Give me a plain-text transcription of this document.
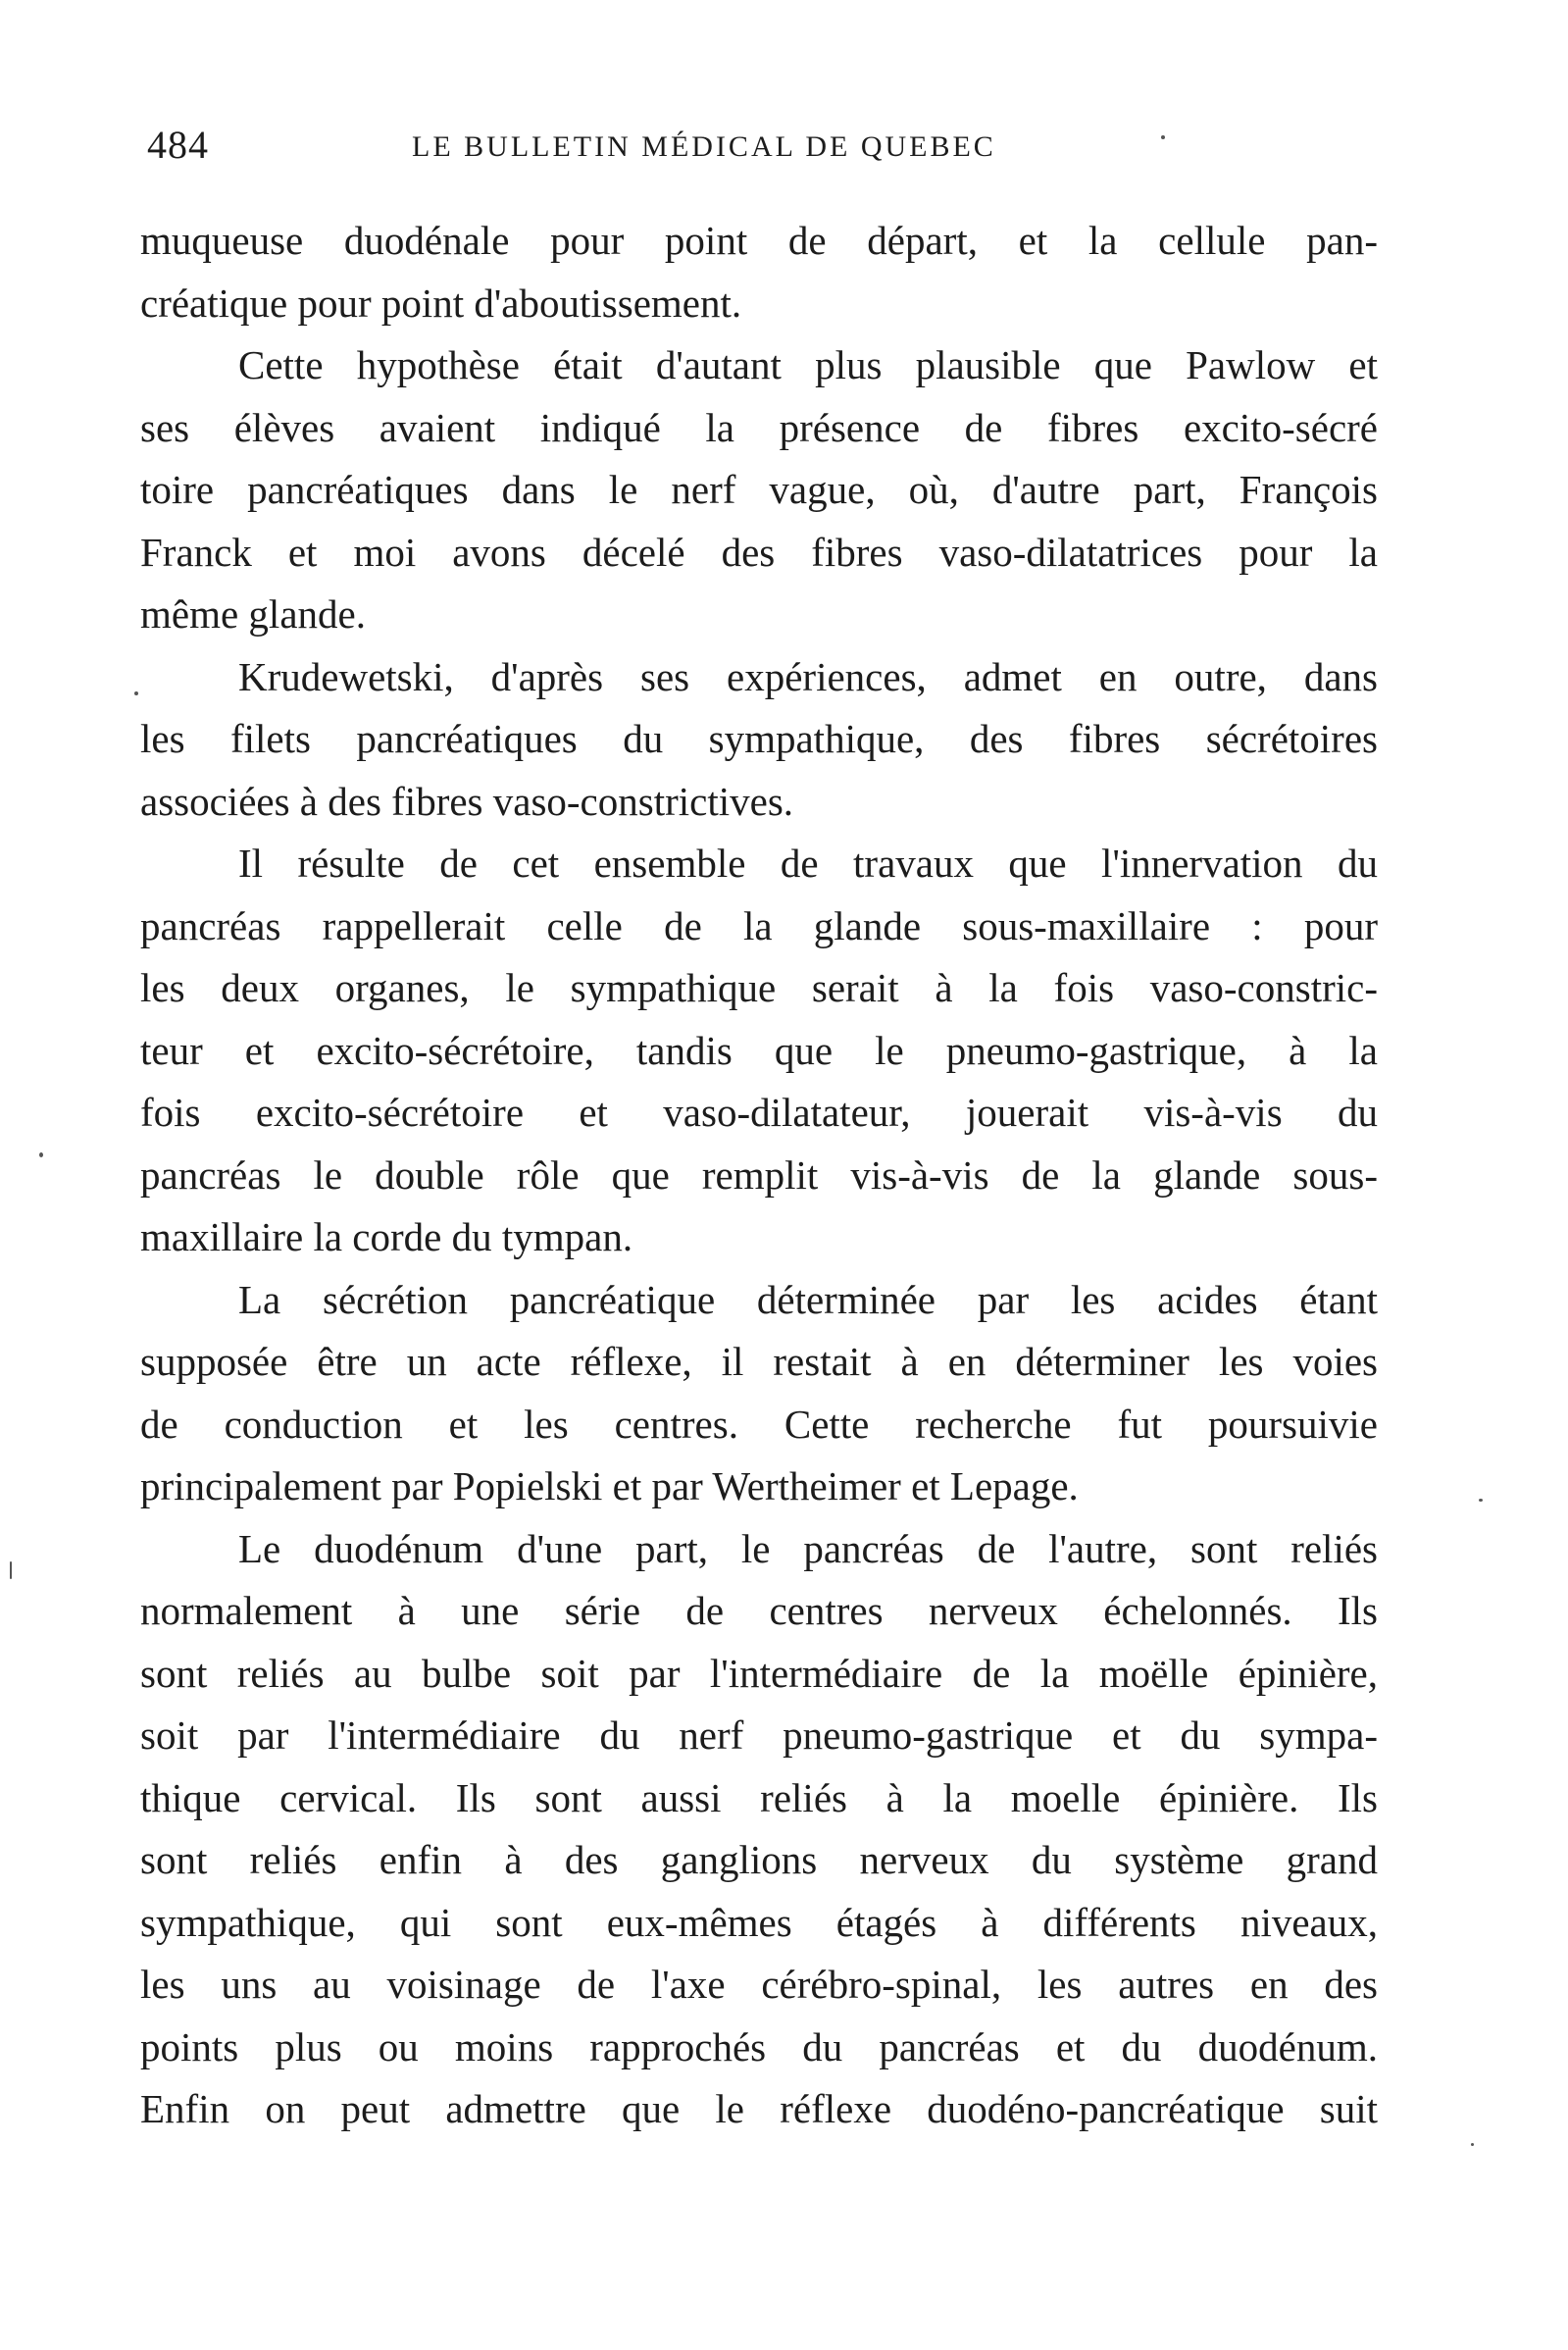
484	LE BULLETIN MÉDICAL DE QUEBEC
muqueuse duodénale pour point de départ, et la cellule pan-
créatique pour point d'aboutissement.
Cette hypothèse était d'autant plus plausible que Pawlow et
ses élèves avaient indiqué la présence de fibres excito-sécré
toire pancréatiques dans le nerf vague, où, d'autre part, François
Franck et moi avons décelé des fibres vaso-dilatatrices pour la
même glande.
Krudewetski, d'après ses expériences, admet en outre, dans
les filets pancréatiques du sympathique, des fibres sécrétoires
associées à des fibres vaso-constrictives.
Il résulte de cet ensemble de travaux que l'innervation du
pancréas rappellerait celle de la glande sous-maxillaire : pour
les deux organes, le sympathique serait à la fois vaso-constric-
teur et excito-sécrétoire, tandis que le pneumo-gastrique, à la
fois excito-sécrétoire et vaso-dilatateur, jouerait vis-à-vis du
pancréas le double rôle que remplit vis-à-vis de la glande sous-
maxillaire la corde du tympan.
La sécrétion pancréatique déterminée par les acides étant
supposée être un acte réflexe, il restait à en déterminer les voies
de conduction et les centres. Cette recherche fut poursuivie
principalement par Popielski et par Wertheimer et Lepage.
Le duodénum d'une part, le pancréas de l'autre, sont reliés
normalement à une série de centres nerveux échelonnés. Ils
sont reliés au bulbe soit par l'intermédiaire de la moëlle épinière,
soit par l'intermédiaire du nerf pneumo-gastrique et du sympa-
thique cervical. Ils sont aussi reliés à la moelle épinière. Ils
sont reliés enfin à des ganglions nerveux du système grand
sympathique, qui sont eux-mêmes étagés à différents niveaux,
les uns au voisinage de l'axe cérébro-spinal, les autres en des
points plus ou moins rapprochés du pancréas et du duodénum.
Enfin on peut admettre que le réflexe duodéno-pancréatique suit
